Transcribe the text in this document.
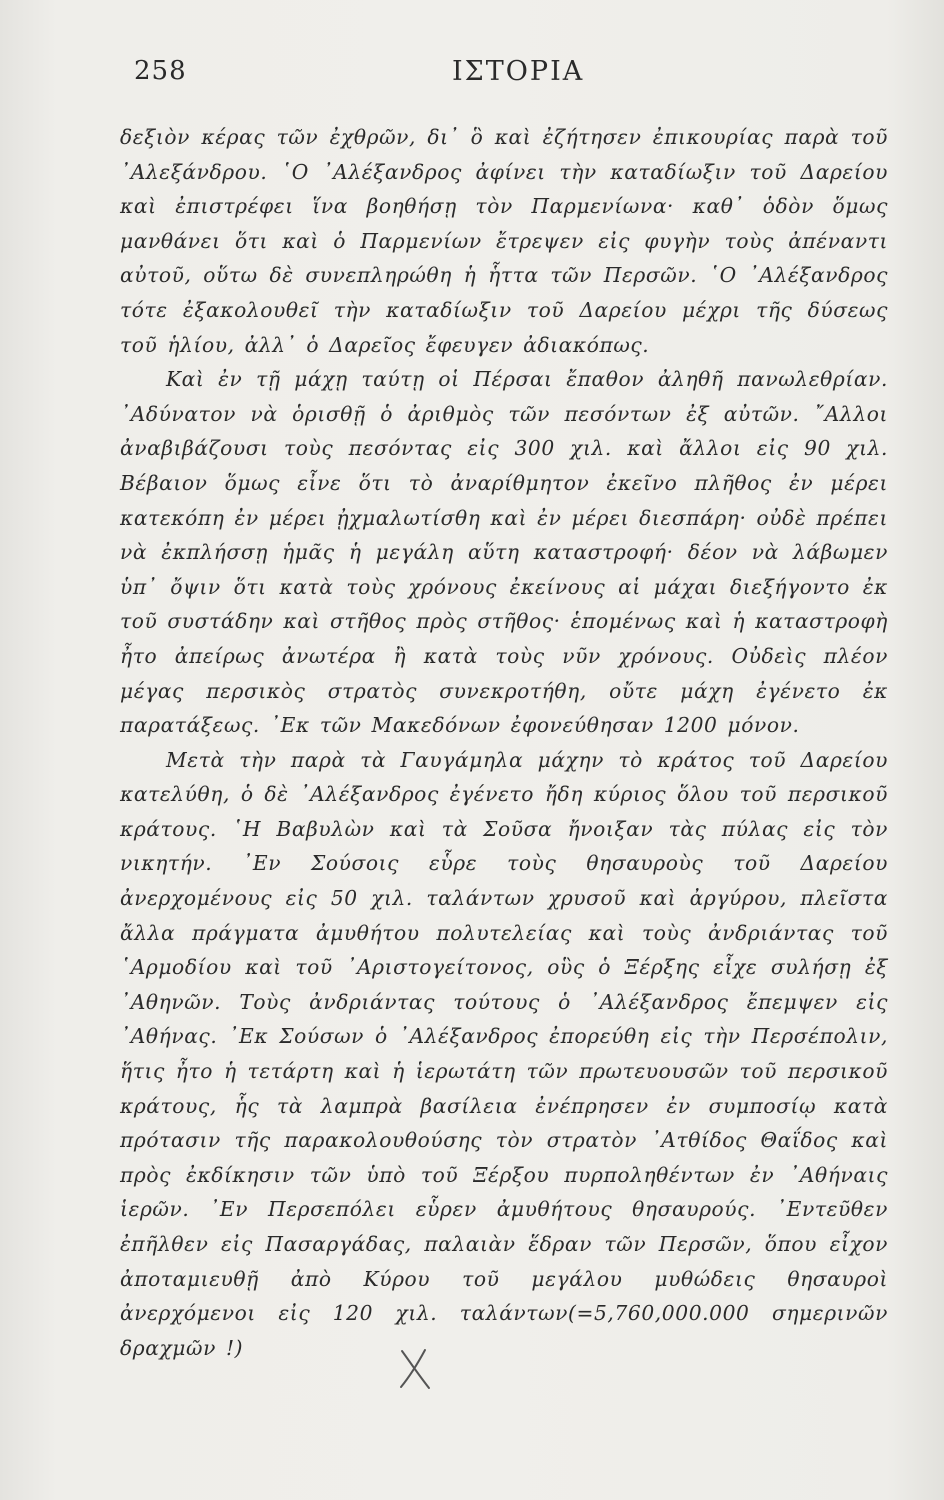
258	ΙΣΤΟΡΙΑ

δεξιὸν κέρας τῶν ἐχθρῶν, δι᾽ ὃ καὶ ἐζήτησεν ἐπικουρίας παρὰ τοῦ ᾿Αλεξάνδρου. ῾Ο ᾿Αλέξανδρος ἀφίνει τὴν καταδίωξιν τοῦ Δαρείου καὶ ἐπιστρέφει ἵνα βοηθήσῃ τὸν Παρμενίωνα· καθ᾽ ὁδὸν ὅμως μανθάνει ὅτι καὶ ὁ Παρμενίων ἔτρεψεν εἰς φυγὴν τοὺς ἀπέναντι αὐτοῦ, οὕτω δὲ συνεπληρώθη ἡ ἧττα τῶν Περσῶν. ῾Ο ᾿Αλέξανδρος τότε ἐξακολουθεῖ τὴν καταδίωξιν τοῦ Δαρείου μέχρι τῆς δύσεως τοῦ ἡλίου, ἀλλ᾽ ὁ Δαρεῖος ἔφευγεν ἀδιακόπως.

Καὶ ἐν τῇ μάχῃ ταύτῃ οἱ Πέρσαι ἔπαθον ἀληθῆ πανωλεθρίαν. ᾿Αδύνατον νὰ ὁρισθῇ ὁ ἀριθμὸς τῶν πεσόντων ἐξ αὐτῶν. ῎Αλλοι ἀναβιβάζουσι τοὺς πεσόντας εἰς 300 χιλ. καὶ ἄλλοι εἰς 90 χιλ. Βέβαιον ὅμως εἶνε ὅτι τὸ ἀναρίθμητον ἐκεῖνο πλῆθος ἐν μέρει κατεκόπη ἐν μέρει ᾐχμαλωτίσθη καὶ ἐν μέρει διεσπάρη· οὐδὲ πρέπει νὰ ἐκπλήσσῃ ἡμᾶς ἡ μεγάλη αὕτη καταστροφή· δέον νὰ λάβωμεν ὑπ᾽ ὄψιν ὅτι κατὰ τοὺς χρόνους ἐκείνους αἱ μάχαι διεξήγοντο ἐκ τοῦ συστάδην καὶ στῆθος πρὸς στῆθος· ἑπομένως καὶ ἡ καταστροφὴ ἦτο ἀπείρως ἀνωτέρα ἢ κατὰ τοὺς νῦν χρόνους. Οὐδεὶς πλέον μέγας περσικὸς στρατὸς συνεκροτήθη, οὔτε μάχη ἐγένετο ἐκ παρατάξεως. ᾿Εκ τῶν Μακεδόνων ἐφονεύθησαν 1200 μόνον.

Μετὰ τὴν παρὰ τὰ Γαυγάμηλα μάχην τὸ κράτος τοῦ Δαρείου κατελύθη, ὁ δὲ ᾿Αλέξανδρος ἐγένετο ἤδη κύριος ὅλου τοῦ περσικοῦ κράτους. ῾Η Βαβυλὼν καὶ τὰ Σοῦσα ἤνοιξαν τὰς πύλας εἰς τὸν νικητήν. ᾿Εν Σούσοις εὗρε τοὺς θησαυροὺς τοῦ Δαρείου ἀνερχομένους εἰς 50 χιλ. ταλάντων χρυσοῦ καὶ ἀργύρου, πλεῖστα ἄλλα πράγματα ἀμυθήτου πολυτελείας καὶ τοὺς ἀνδριάντας τοῦ ῾Αρμοδίου καὶ τοῦ ᾿Αριστογείτονος, οὓς ὁ Ξέρξης εἶχε συλήσῃ ἐξ ᾿Αθηνῶν. Τοὺς ἀνδριάντας τούτους ὁ ᾿Αλέξανδρος ἔπεμψεν εἰς ᾿Αθήνας. ᾿Εκ Σούσων ὁ ᾿Αλέξανδρος ἐπορεύθη εἰς τὴν Περσέπολιν, ἥτις ἦτο ἡ τετάρτη καὶ ἡ ἱερωτάτη τῶν πρωτευουσῶν τοῦ περσικοῦ κράτους, ἧς τὰ λαμπρὰ βασίλεια ἐνέπρησεν ἐν συμποσίῳ κατὰ πρότασιν τῆς παρακολουθούσης τὸν στρατὸν ᾿Ατθίδος Θαΐδος καὶ πρὸς ἐκδίκησιν τῶν ὑπὸ τοῦ Ξέρξου πυρποληθέντων ἐν ᾿Αθήναις ἱερῶν. ᾿Εν Περσεπόλει εὗρεν ἀμυθήτους θησαυρούς. ᾿Εντεῦθεν ἐπῆλθεν εἰς Πασαργάδας, παλαιὰν ἕδραν τῶν Περσῶν, ὅπου εἶχον ἀποταμιευθῇ ἀπὸ Κύρου τοῦ μεγάλου μυθώδεις θησαυροὶ ἀνερχόμενοι εἰς 120 χιλ. ταλάντων(=5,760,000.000 σημερινῶν δραχμῶν !)
